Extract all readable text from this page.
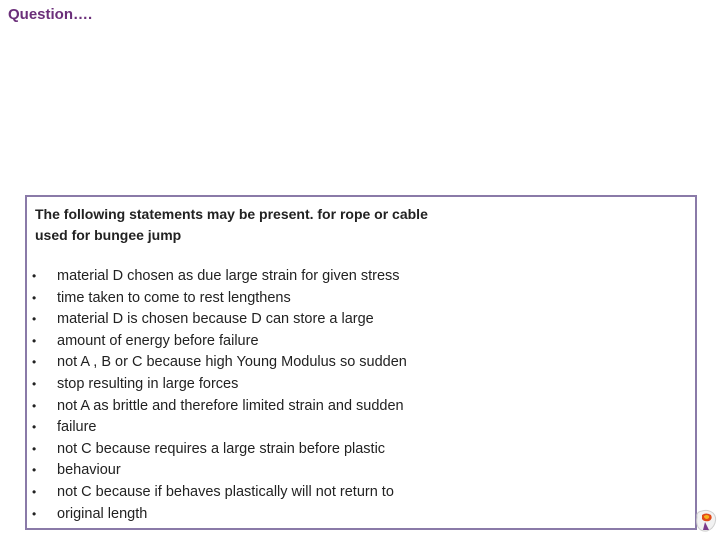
Question….
The following statements may be present. for rope or cable used for bungee jump
• material D chosen as due large strain for given stress
• time taken to come to rest lengthens
• material D is chosen because D can store a large
• amount of energy before failure
• not A , B or C because high Young Modulus so sudden
• stop resulting in large forces
• not A as brittle and therefore limited strain and sudden
• failure
• not C because requires a large strain before plastic
• behaviour
• not C because if behaves plastically will not return to
• original length
